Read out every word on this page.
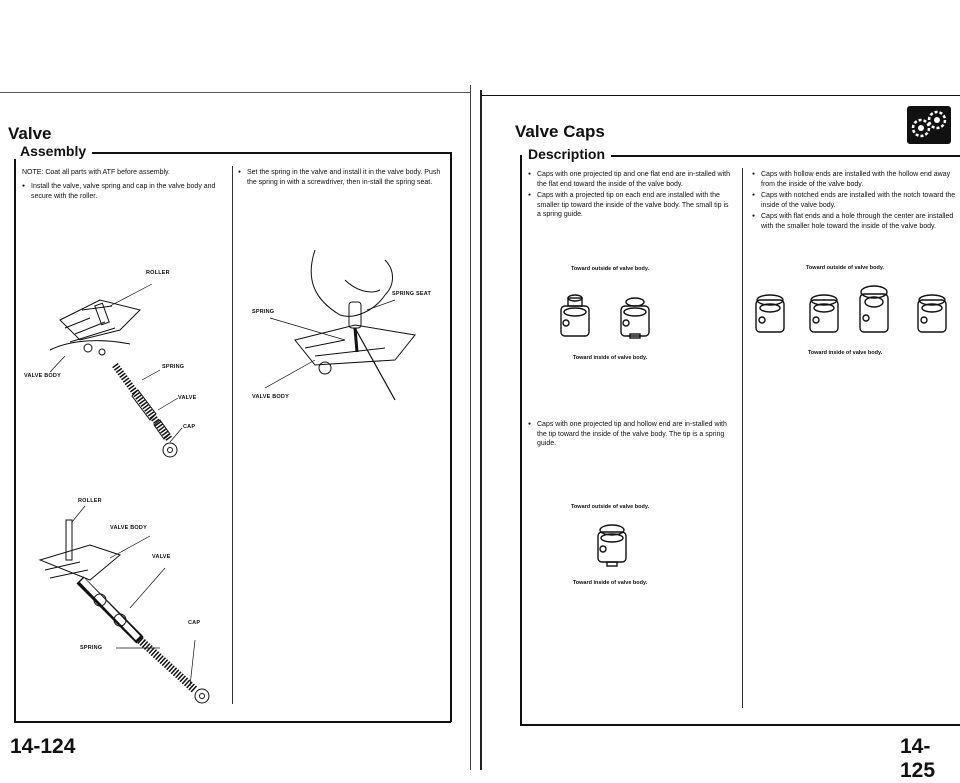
Valve
Assembly
NOTE: Coat all parts with ATF before assembly.
● Install the valve, valve spring and cap in the valve body and secure with the roller.
● Set the spring in the valve and install it in the valve body. Push the spring in with a screwdriver, then in-stall the spring seat.
ROLLER
VALVE BODY
SPRING
VALVE
CAP
ROLLER
VALVE BODY
VALVE
CAP
SPRING
SPRING
SPRING SEAT
VALVE BODY
14-124
Valve Caps
Description
● Caps with one projected tip and one flat end are in-stalled with the flat end toward the inside of the valve body.
● Caps with a projected tip on each end are installed with the smaller tip toward the inside of the valve body. The small tip is a spring guide.
Toward outside of valve body.
Toward inside of valve body.
● Caps with one projected tip and hollow end are in-stalled with the tip toward the inside of the valve body. The tip is a spring guide.
Toward outside of valve body.
Toward inside of valve body.
● Caps with hollow ends are installed with the hollow end away from the inside of the valve body.
● Caps with notched ends are installed with the notch toward the inside of the valve body.
● Caps with flat ends and a hole through the center are installed with the smaller hole toward the inside of the valve body.
Toward outside of valve body.
Toward inside of valve body.
14-125
